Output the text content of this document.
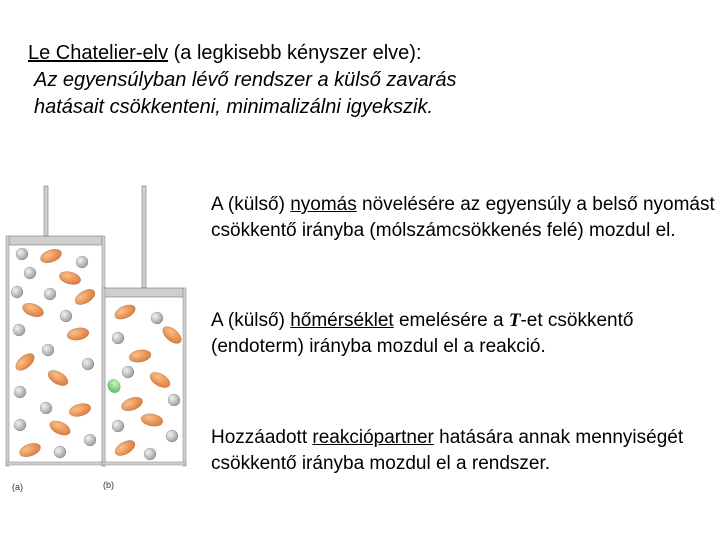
Le Chatelier-elv (a legkisebb kényszer elve):
Az egyensúlyban lévő rendszer a külső zavarás
hatásait csökkenteni, minimalizálni igyekszik.
(a)	(b)
A (külső) nyomás növelésére az egyensúly a belső nyomást csökkentő irányba (mólszámcsökkenés felé) mozdul el.
A (külső) hőmérséklet emelésére a T-et csökkentő (endoterm) irányba mozdul el a reakció.
Hozzáadott reakciópartner hatására annak mennyiségét csökkentő irányba mozdul el a rendszer.
